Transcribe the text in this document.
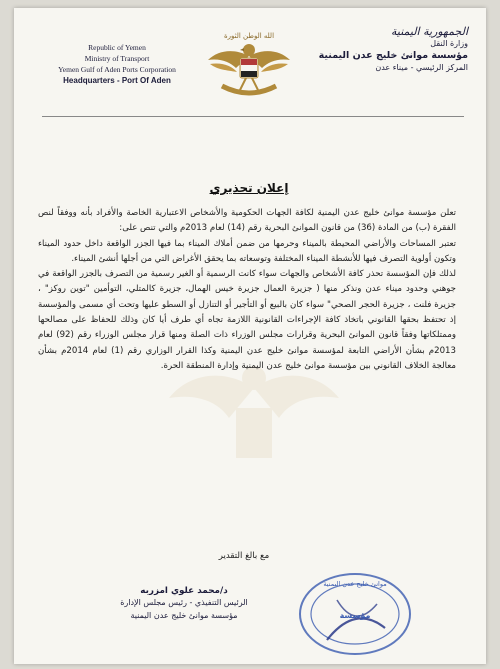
Republic of Yemen
Ministry of Transport
Yemen Gulf of Aden Ports Corporation
Headquarters - Port Of Aden
الله الوطن الثورة	الجمهورية اليمنية
وزارة النقل
مؤسسة موانئ خليج عدن اليمنية
المركز الرئيسي - ميناء عدن
إعلان تحذيري

تعلن مؤسسة موانئ خليج عدن اليمنية لكافة الجهات الحكومية والأشخاص الاعتبارية الخاصة والأفراد بأنه ووفقاً لنص الفقرة (ب) من المادة (36) من قانون الموانئ البحرية رقم (14) لعام 2013م والتي تنص على:

تعتبر المساحات والأراضي المحيطة بالميناء وحرمها من ضمن أملاك الميناء بما فيها الجزر الواقعة داخل حدود الميناء وتكون أولوية التصرف فيها للأنشطة الميناء المختلفة وتوسعاته بما يحقق الأغراض التي من أجلها أنشئ الميناء.

لذلك فإن المؤسسة تحذر كافة الأشخاص والجهات سواء كانت الرسمية أو الغير رسمية من التصرف بالجزر الواقعة في جوهني وحدود ميناء عدن ونذكر منها ( جزيرة العمال جزيرة خيس الهمال، جزيرة كالمتلي، التوأمين "توين روكز" ، جزيرة فلنت ، جزيرة الحجر الصحي" سواء كان بالبيع أو التأجير أو التنازل أو السطو عليها وتحت أي مسمى والمؤسسة إذ تحتفظ بحقها القانوني باتخاذ كافة الإجراءات القانونية اللازمة تجاه أي طرف أيا كان وذلك للحفاظ على مصالحها وممتلكاتها وفقاً قانون الموانئ البحرية وقرارات مجلس الوزراء ذات الصلة ومنها قرار مجلس الوزراء رقم (92) لعام 2013م بشأن الأراضي التابعة لمؤسسة موانئ خليج عدن اليمنية وكذا القرار الوزاري رقم (1) لعام 2014م بشأن معالجة الخلاف القانوني بين مؤسسة موانئ خليج عدن اليمنية وإدارة المنطقة الحرة.

مع بالغ التقدير
د/محمد علوي امزربه
الرئيس التنفيذي - رئيس مجلس الإدارة
مؤسسة موانئ خليج عدن اليمنية
موانئ خليج عدن اليمنية
مؤسسة
